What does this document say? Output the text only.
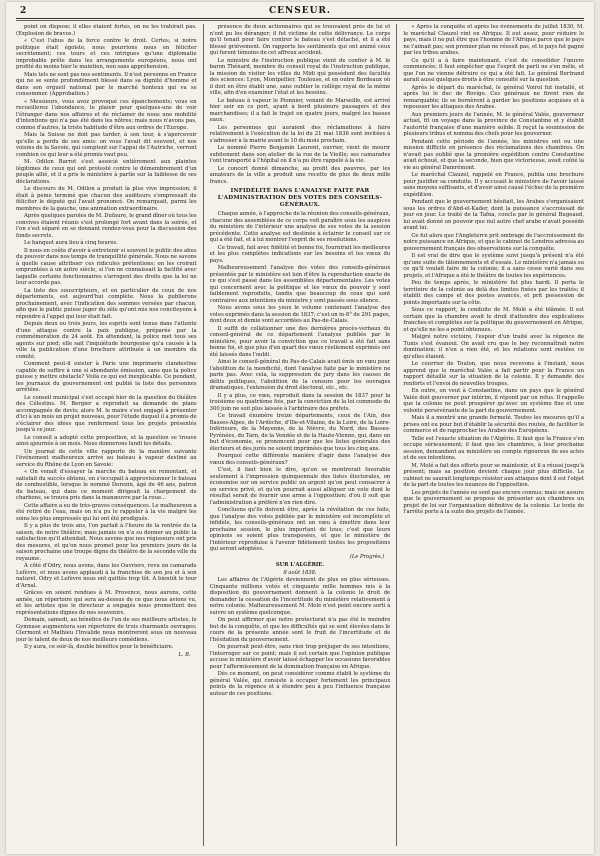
2	CENSEUR.

point on dispose; il elles étaient fortes, on ne les trahirait pas. (Explosion de bravos.)

« C'est l'abus de la force contre le droit. Certes, si notre politique était égoïste, nous pourrions nous en féliciter secrètement; ces tours et ces intrigues qu'une diplomatie improbable prête dans les arrangements européens, nous ont profité du moins hier le maintien, non sans appréhension.

Mais tels ne sont pas nos sentiments. Il n'est personne en France qui ne se sente profondément blessé dans sa dignité d'homme et dans son orgueil national par le marché honteux qui va se consommer. (Approbation.)

« Messieurs, vous avez provoqué ces épanchements; vous en recueillerez l'abondance, le plaisir pour quelques-uns de voir l'étranger dans nos affaires et de réclamer de nous une mobilité d'intentions qui n'a pas été dans les nôtres; mais nous n'avons pas, comme d'autres, la triste habitude d'être aux ordres de l'Europe.

Mais la Suisse ne doit pas tarder, à son tour, à s'apercevoir qu'elle a perdu de ses amis: on vous l'avait dit souvent, et nos voisins de la Savoie, qui comptent sur l'appui de l'Autriche, verront combien ce qui leur a été promis vaut peu.

M. Odilon Barrot s'est associé entièrement aux plaintes légitimes de ceux qui ont protesté contre le démembrement d'un peuple allié, et il a pris le ministère à partie sur la faiblesse de ses déclarations.

Le discours de M. Odilon a produit la plus vive impression; il était à peine terminé que chacun des auditeurs s'empressait de féliciter le député qui l'avait prononcé. On remarquait, parmi les membres de la gauche, une animation extraordinaire.

Après quelques paroles de M. Dufaure, le grand dîner où tous les convives étaient réunis s'est prolongé fort avant dans la soirée, et l'on s'est séparé en se donnant rendez-vous pour la discussion des fonds secrets.

Le banquet aura lieu à cinq heures.

Il nous en coûte d'avoir à entretenir si souvent le public des abus du pouvoir dans nos temps de tranquillité générale. Nous ne savons à quelle cause attribuer ces ridicules prétentions; on les croirait empruntées à un autre siècle, si l'on ne connaissait la facilité avec laquelle certains fonctionnaires s'arrogent des droits que la loi ne leur accorde pas.

La liste des souscripteurs, et en particulier de ceux de nos départements, est aujourd'hui complète. Nous la publierons prochainement, avec l'indication des sommes versées par chacun, afin que le public puisse juger du zèle qu'ont mis nos concitoyens à répondre à l'appel qui leur était fait.

Depuis deux ou trois jours, les esprits sont tenus dans l'attente d'une attaque contre la paix publique, préparée par la commémoration du 24 août. En attendant, la police met tous ses agents sur pied; elle sait l'inquiétude bourgeoise qu'a causée à la ville la publication d'une brochure attribuée à un membre du comité.

Comment peut-il exister à Paris une imprimerie clandestine capable de suffire à une si abondante émission, sans que la police puisse y mettre obstacle? Voilà ce qui est inexplicable. Ce pendant, les journaux du gouvernement ont publié la liste des personnes arrêtées.

Le conseil municipal s'est occupé hier de la question du théâtre des Célestins. M. Bergier a reproduit sa demande de plans accompagnés de devis; alors M. le maire s'est engagé à présenter d'ici à un mois un projet nouveau, pour l'étude duquel il a promis de s'éclairer des idées que renferment tous les projets présentés jusqu'à ce jour.

Le conseil a adopté cette proposition, et la question se trouve ainsi ajournée à un mois. Nous donnerons lundi les détails.

Un journal de cette ville rapporte de la manière suivante l'événement malheureux arrivé au bateau à vapeur destiné au service du Rhône de Lyon en Savoie:

« On venait d'essayer la marche du bateau en remontant, et satisfait du succès obtenu, on s'occupait à approvisionner le bateau de combustible, lorsque le nommé Dorezin, âgé de 46 ans, patron du bateau, qui dans ce moment dirigeait la chargement de charbons, se trouva pris dans la manœuvre par la roue...

Cette affaire a eu de très-graves conséquences. Le malheureux a été retiré de l'eau, mais on n'a pu le rappeler à la vie malgré les soins les plus empressés qui lui ont été prodigués.

Il y a plus de trois ans, l'on parlait à l'heure de la rentrée de la saison, de notre théâtre; mais jamais on n'a su donner au public la satisfaction qu'il attendait. Nous savons que nos régisseurs ont pris des mesures, et qu'on nous promet pour les premiers jours de la saison prochaine une troupe digne du théâtre de la seconde ville du royaume.

À côté d'Odry, nous avons, dans les Ouvriers, revu un camarade Lefèvre, et nous avons applaudi à la franchise de son jeu et à son naturel. Odry et Lefèvre nous ont quittés trop tôt. À bientôt le tour d'Arnal.

Grâces en soient rendues à M. Provence, nous aurons, cette année, un répertoire qui sera au-dessus de ce que nous avions vu, et les artistes que le directeur a engagés nous promettent des représentations dignes de nos souvenirs.

Demain, samedi, au bénéfice de l'un de ses meilleurs artistes, le Gymnase augmentera son répertoire de trois charmants ouvrages; Clermont et Mathieu l'Invalide nous montreront sous un nouveau jour le talent de deux de nos meilleurs comédiens.

Il y aura, ce soir-là, double bénéfice pour le bénéficiaire.

L. B.

présence de deux actionnaires qui se trouvaient près de lui et n'ont pu les déranger; il fut victime de cette délivrance. Le corps qu'il tenait pour faire contrer le bateau s'est détaché, et il a été blessé grièvement. On rapporte les sentiments qui ont animé ceux qui furent témoins de cet affreux accident.

Le ministre de l'instruction publique vient de confier à M. le baron Thénard, membre du conseil royal de l'instruction publique, la mission de visiter les villes du Midi qui possèdent des facultés des sciences: Lyon, Montpellier, Toulouse, et en outre Bordeaux où il doit en être établi une, sans oublier le collège royal de la même ville, afin d'en examiner l'état et les besoins.

Le bateau à vapeur le Pionnier, venant de Marseille, est arrivé hier soir en ce port, ayant à bord plusieurs passagers et des marchandises; il a fait le trajet en quatre jours, malgré les basses eaux.

Les personnes qui auraient des réclamations à faire relativement à l'exécution de la loi du 21 mai 1836 sont invitées à s'adresser à la mairie avant le 10 du mois prochain.

Le nommé Pierre Benjamin Laurent, ouvrier, vient de mourir subitement dans son atelier de la rue de la Vieille; ses camarades l'ont transporté à l'hôpital où il n'a pu être rappelé à la vie.

Le concert donné dimanche, au profit des pauvres, par les amateurs de la ville a produit une recette de plus de deux mille francs.

INFIDÉLITÉ DANS L'ANALYSE FAITE PAR L'ADMINISTRATION DES VOTES DES CONSEILS-GÉNÉRAUX.

Chaque année, à l'approche de la réunion des conseils-généraux, chacune des assemblées de ce corps voit paraître sous les auspices du ministère de l'intérieur une analyse de ses votes de la session précédente. Cette analyse est destinée à éclairer le conseil sur ce qui a été fait, et à lui montrer l'esprit de ses résolutions.

Ce travail, fait avec fidélité et bonne foi, fournirait les meilleures et les plus complètes indications sur les besoins et les vœux du pays.

Malheureusement l'analyse des votes des conseils-généraux présentée par le ministère est loin d'être la reproduction exacte de ce qui s'est passé dans les assemblées départementales. Les votes qui concernent avec la politique et les vœux du pouvoir y sont faiblement reproduits, tandis que beaucoup de ceux qui sont contraires aux intentions du ministre y sont passés sous silence.

Nous avons sous les yeux le volume contenant l'analyse des votes exprimés dans la session de 1837; c'est un in-8° de 291 pages, dont deux et demie sont accordées au Pas-de-Calais.

Il suffit de collationner une des dernières procès-verbaux du conseil-général de ce département l'analyse publiée par le ministère, pour avoir la conviction que ce travail a été fait sans bonne foi, et que plus d'un quart des vœux réellement exprimés ont été laissés dans l'oubli.

Ainsi le conseil-général du Pas-de-Calais avait émis un vœu pour l'abolition de la mendicité, dont l'analyse faite par le ministère ne parle pas. Avec cela, la suppression du jury dans les causes de délits politiques, l'abolition de la censure pour les ouvrages dramatiques, l'extension du droit électoral, etc., etc.

Il y a plus, ce vœu, reproduit dans la session de 1837 pour la troisième ou quatrième fois, par la conviction de la loi commode du 300 juin ne soit plus laissée à l'arbitraire des préfets.

Ce travail énumère treize départements, ceux de l'Ain, des Basses-Alpes, de l'Ardèche, d'Ille-et-Vilaine, de la Loire, de la Loire-Inférieure, de la Mayenne, de la Nièvre, du Nord, des Basses-Pyrénées, du Tarn, de la Vendée et de la Haute-Vienne, qui, dans un but d'économie, se prononcent pour que les listes générales des électeurs et des jurés ne soient imprimées que tous les cinq ans.

Pourquoi cette différente manière d'agir dans l'analyse des vœux des conseils-généraux?

C'est, il faut bien le dire, qu'on se montrerait favorable seulement à l'impression quinquennale des listes électorales, on économise sur un service public un argent qu'on peut consacrer à un service privé, et qu'on pourrait aussi alléguer un vote dont le résultat serait de fournir une arme à l'opposition; d'où il suit que l'administration a préféré n'en rien dire.

Concluons qu'ils doivent être, après la révélation de ces faits, que l'analyse des votes publiée par le ministère est incomplète et infidèle, les conseils-généraux ont un vœu à émettre dans leur prochaine session, le plus important de tous; c'est que leurs opinions se soient plus transposées, et que le ministère de l'intérieur reproduise à l'avenir fidèlement toutes les propositions qui seront adoptées.

(Le Progrès.)
SUR L'ALGÉRIE.
8 août 1838.

Les affaires de l'Algérie deviennent de plus en plus sérieuses. Cinquante millions votés et cinquante mille hommes mis à la disposition du gouvernement donnent à la colonie le droit de demander la cessation de l'incertitude du ministère relativement à notre colonie. Malheureusement M. Molé n'est point encore sorti à suivre un système quelconque.

On peut affirmer que notre protectorat n'a pas été le moindre but de la conquête, et que les difficultés qui se sont élevées dans le cours de la présente année sont le fruit de l'incertitude et de l'hésitation du gouvernement.

On pourrait peut-être, sans rien trop préjuger de ses intentions, l'interroger sur ce point; mais il est certain que l'opinion publique accuse le ministère d'avoir laissé échapper les occasions favorables pour l'affermissement de la domination française en Afrique.

Dès ce moment, on peut considérer comme établi le système du général Valée, qui consiste à occuper fortement les principaux points de la régence et à étendre peu à peu l'influence française autour de ces positions.

« Après la conquête et après les événements de juillet 1830, M. le maréchal Clauzel vint en Afrique. Il eut assez, pour réduire le pays, mais il ne put être que l'homme de l'Afrique parce que le pays ne l'aimait pas; son premier plan ne réussit pas, et le pays fut gagné par les tribus arabes.

Ce qu'il a à faire maintenant, c'est de consolider l'œuvre commencée; il faut empêcher que l'esprit de parti ne s'en mêle, et que l'on ne vienne détruire ce qui a été fait. Le général Bertrand aurait aussi quelques droits à être consulté sur la question.

Après le départ du maréchal, le général Voirol fut installé, et après lui le duc de Rovigo. Ces généraux ne firent rien de remarquable; ils se bornèrent à garder les positions acquises et à repousser les attaques des Arabes.

Aux premiers jours de l'année, M. le général Valée, gouverneur actuel, fit un voyage dans la province de Constantine et y établit l'autorité française d'une manière solide. Il reçut la soumission de plusieurs tribus et nomma des chefs pour les gouverner.

Pendant cette période de l'année, les ministres ont eu une mission difficile en présence des réclamations des chambres. On n'avait pas oublié que la première expédition contre Constantine avait échoué, et que la seconde, bien que victorieuse, avait coûté la vie au général Damrémont.

Le maréchal Clauzel, rappelé en France, publia une brochure pour justifier sa conduite. Il y accusait le ministère de l'avoir laissé sans moyens suffisants, et d'avoir ainsi causé l'échec de la première expédition.

Pendant que le gouvernement hésitait, les Arabes s'organisaient sous les ordres d'Abd-el-Kader, dont la puissance s'accroissait de jour en jour. Le traité de la Tafna, conclu par le général Bugeaud, lui avait donné un pouvoir que nul autre chef arabe n'avait possédé avant lui.

Ce fut alors que l'Angleterre prit ombrage de l'accroissement de notre puissance en Afrique, et que le cabinet de Londres adressa au gouvernement français des observations sur la conquête.

Il est vrai de dire que le système suivi jusqu'à présent n'a été qu'une suite de tâtonnements et d'essais. Le ministère n'a jamais su ce qu'il voulait faire de la colonie; il a sans cesse varié dans ses projets, et l'Afrique a été le théâtre de toutes les expériences.

Peu de temps après, le ministère fut plus hardi. Il porta le territoire de la colonie au delà des limites fixées par les traités; il établit des camps et des postes avancés, et prit possession de points importants sur la côte.

Sous ce rapport, la conduite de M. Molé a été blâmée. Il est certain que la chambre avait le droit d'attendre des explications franches et complètes sur la politique du gouvernement en Afrique, et qu'elle ne les a point obtenues.

Malgré notre victoire, l'espoir d'un traité avec la régence de Tunis s'est évanoui. On avait cru que le bey reconnaîtrait notre domination; il n'en a rien été, et les relations sont restées ce qu'elles étaient.

Le courrier de Toulon, que nous recevons à l'instant, nous apprend que le maréchal Valée a fait partir pour la France un rapport détaillé sur la situation de la colonie. Il y demande des renforts et l'envoi de nouvelles troupes.

En outre, on veut à Constantine, dans un pays que le général Valée doit gouverner par intérim, il répond par un refus. Il rappelle que la colonie ne peut prospérer qu'avec un système fixe et une volonté persévérante de la part du gouvernement.

Mais il a montré une grande fermeté. Toutes les mesures qu'il a prises ont eu pour but d'établir la sécurité des routes, de faciliter le commerce et de rapprocher les Arabes des Européens.

Telle est l'exacte situation de l'Algérie. Il faut que la France s'en occupe sérieusement; il faut que les chambres, à leur prochaine session, demandent au ministère un compte rigoureux de ses actes et de ses intentions.

M. Molé a fait des efforts pour se maintenir, et il a réussi jusqu'à présent; mais sa position devient chaque jour plus difficile. Le cabinet ne saurait longtemps résister aux attaques dont il est l'objet de la part de toutes les nuances de l'opposition.

Les projets de l'année ne sont pas encore connus; mais on assure que le gouvernement se propose de présenter aux chambres un projet de loi sur l'organisation définitive de la colonie. Le texte de l'arrêté porte à la suite des projets de l'année.
